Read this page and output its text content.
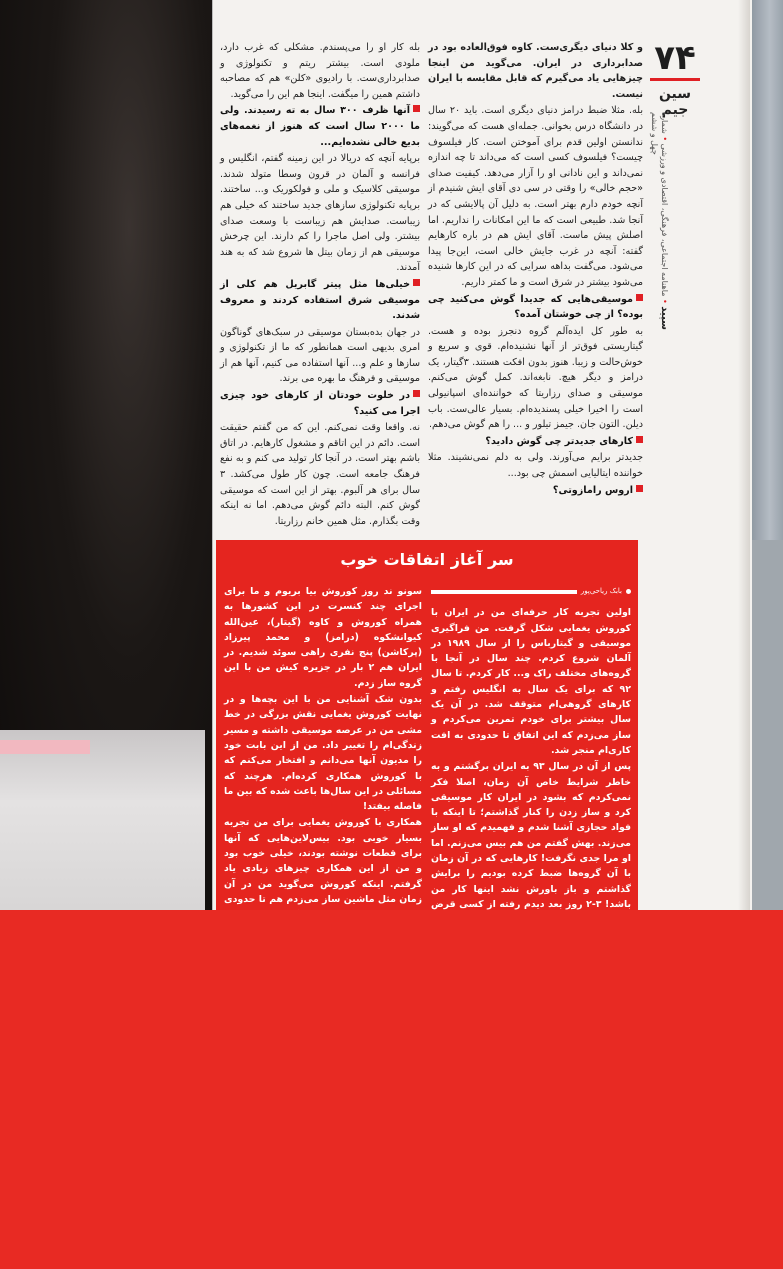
۷۴
سین جیم
سپید • ماهنامه اجتماعی، فرهنگی، اقتصادی و ورزشی • شماره چهل و ششم

و کلا دنیای دیگری‌ست. کاوه فوق‌العاده بود در صدابرداری در ایران. می‌گوید من اینجا چیزهایی یاد می‌گیرم که قابل مقایسه با ایران نیست.

بله. مثلا ضبط درامز دنیای دیگری است. باید ۲۰ سال در دانشگاه درس بخوانی. جمله‌ای هست که می‌گویند: ندانستن اولین قدم برای آموختن است. کار فیلسوف چیست؟ فیلسوف کسی است که می‌داند تا چه اندازه نمی‌داند و این نادانی او را آزار می‌دهد. کیفیت صدای «حجم خالی» را وقتی در سی دی آقای ایش شنیدم از آنچه خودم دارم بهتر است. به دلیل آن پالایشی که در آنجا شد. طبیعی است که ما این امکانات را نداریم. اما اصلش پیش ماست. آقای ایش هم در باره کارهایم گفته: آنچه در غرب جایش خالی است، این‌جا پیدا می‌شود. می‌گفت بدا‌هه سرایی که در این کارها شنیده می‌شود بیشتر در شرق است و ما کمتر داریم.

موسیقی‌هایی که جدیدا گوش می‌کنید چی بوده؟ از چی خوشتان آمده؟

به طور کل ایده‌آلم گروه دنجرز بوده و هست. گیتاریستی فوق‌تر از آنها نشنیده‌ام. قوی و سریع و خوش‌حالت و زیبا. هنوز بدون افکت هستند. ۳گیتار، یک درامز و دیگر هیچ. نابغه‌اند. کمل گوش می‌کنم. موسیقی و صدای رزاریتا که خواننده‌ای اسپانیولی است را اخیرا خیلی پسندیده‌ام. بسیار عالی‌ست. باب دیلن. التون جان. جیمز تیلور و ... را هم گوش می‌دهم.

کارهای جدیدتر چی گوش دادید؟

جدیدتر برایم می‌آورند. ولی به دلم نمی‌نشیند. مثلا خواننده ایتالیایی اسمش چی بود...

اروس رامازوتی؟

بله کار او را می‌پسندم. مشکلی که غرب دارد، ملودی است. بیشتر ریتم و تکنولوژی و صدابرداری‌ست. با رادیوی «کلن» هم که مصاحبه داشتم همین را میگفت. اینجا هم این را می‌گوید.

آنها ظرف ۳۰۰ سال به ته رسیدند. ولی ما ۲۰۰۰ سال است که هنوز از نغمه‌های بدیع خالی نشده‌ایم...

برپایه آنچه که دریالا در این زمینه گفتم، انگلیس و فرانسه و آلمان در قرون وسطا متولد شدند. موسیقی کلاسیک و ملی و فولکوریک و... ساختند. برپایه تکنولوژی سازهای جدید ساختند که خیلی هم زیباست. صدایش هم زیباست با وسعت صدای بیشتر. ولی اصل ماجرا را کم دارند. این چرخش موسیقی هم از زمان بیتل ها شروع شد که به هند آمدند.

خیلی‌ها مثل پیتر گابریل هم کلی از موسیقی شرق استفاده کردند و معروف شدند.

در جهان بده‌بستان موسیقی در سبک‌های گوناگون امری بدیهی است همانطور که ما از تکنولوژی و سازها و علم و... آنها استفاده می کنیم، آنها هم از موسیقی و فرهنگ ما بهره می برند.

در خلوت خودتان از کارهای خود چیزی اجرا می کنید؟

نه. واقعا وقت نمی‌کنم. این که من گفتم حقیقت است. دائم در این اتاقم و مشغول کارهایم. در اتاق باشم بهتر است. در آنجا کار تولید می کنم و به نفع فرهنگ جامعه است. چون کار طول می‌کشد. ۳ سال برای هر آلبوم. بهتر از این است که موسیقی گوش کنم. البته دائم گوش می‌دهم. اما نه اینکه وقت بگذارم. مثل همین خانم رزاریتا.

سر آغاز اتفاقات خوب
بابک ریاحی‌پور

اولین تجربه کار حرفه‌ای من در ایران با کوروش یغمایی شکل گرفت. من فراگیری موسیقی و گیتار‌باس را از سال ۱۹۸۹ در آلمان شروع کردم. چند سال در آنجا با گروه‌های مختلف راک و... کار کردم. تا سال ۹۲ که برای یک سال به انگلیس رفتم و کارهای گروهی‌ام متوقف شد. در آن یک سال بیشتر برای خودم تمرین می‌کردم و ساز می‌زدم که این اتفاق تا حدودی به افت کاری‌ام منجر شد.

پس از آن در سال ۹۳ به ایران برگشتم و به خاطر شرایط خاص آن زمان، اصلا فکر نمی‌کردم که بشود در ایران کار موسیقی کرد و ساز زدن را کنار گذاشتم؛ تا اینکه با فواد حجازی آشنا شدم و فهمیدم که او ساز می‌زند. بهش گفتم من هم بیس می‌زنم. اما او مرا جدی نگرفت! کارهایی که در آن زمان با آن گروه‌ها ضبط کرده بودیم را برایش گذاشتم و باز باورش نشد اینها کار من باشد! ۳-۲ روز بعد دیدم رفته از کسی قرض

سونو ند روز کوروش بیا بریوم و ما برای اجرای چند کنسرت در این کشورها به همراه کوروش و کاوه (گیتار)، عین‌الله کیوانشکوه (درامز) و محمد پیرزاد (پرکاشن) پنج نفری راهی سوئد شدیم. در ایران هم ۲ بار در جزیره کیش من با این گروه ساز زدم.

بدون شک آشنایی من با این بچه‌ها و در نهایت کوروش یغمایی نقش بزرگی در خط مشی من در عرصه موسیقی داشته و مسیر زندگی‌ام را تغییر داد. من از این بابت خود را مدیون آنها می‌دانم و افتخار می‌کنم که با کوروش همکاری کرده‌ام. هرچند که مسائلی در این سال‌ها باعث شده که بین ما فاصله بیفتد!

همکاری با کوروش یغمایی برای من تجربه بسیار خوبی بود. بیس‌لاین‌هایی که آنها برای قطعات نوشته بودند، خیلی خوب بود و من از این همکاری چیزهای زیادی یاد گرفتم. اینکه کوروش می‌گوید من در آن زمان مثل ماشین ساز می‌زدم هم تا حدودی
